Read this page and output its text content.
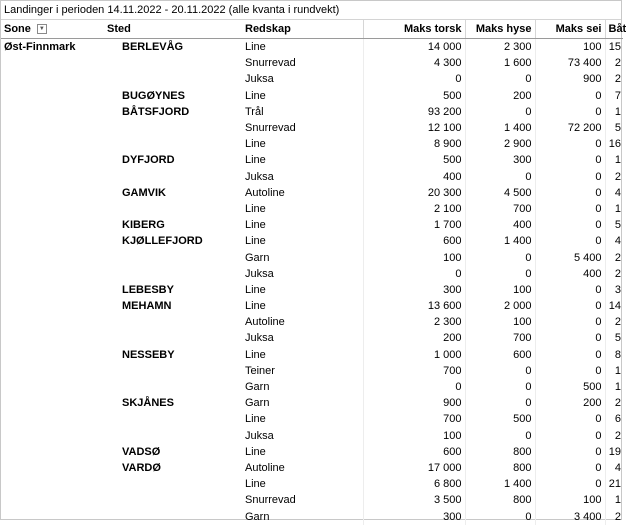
Landinger i perioden 14.11.2022 - 20.11.2022 (alle kvanta i rundvekt)
Sone ▼	Sted	Redskap	Maks torsk	Maks hyse	Maks sei	Båt
Øst-Finnmark	BERLEVÅG	Line	14 000	2 300	100	15
		Snurrevad	4 300	1 600	73 400	2
		Juksa	0	0	900	2
	BUGØYNES	Line	500	200	0	7
	BÅTSFJORD	Trål	93 200	0	0	1
		Snurrevad	12 100	1 400	72 200	5
		Line	8 900	2 900	0	16
	DYFJORD	Line	500	300	0	1
		Juksa	400	0	0	2
	GAMVIK	Autoline	20 300	4 500	0	4
		Line	2 100	700	0	1
	KIBERG	Line	1 700	400	0	5
	KJØLLEFJORD	Line	600	1 400	0	4
		Garn	100	0	5 400	2
		Juksa	0	0	400	2
	LEBESBY	Line	300	100	0	3
	MEHAMN	Line	13 600	2 000	0	14
		Autoline	2 300	100	0	2
		Juksa	200	700	0	5
	NESSEBY	Line	1 000	600	0	8
		Teiner	700	0	0	1
		Garn	0	0	500	1
	SKJÅNES	Garn	900	0	200	2
		Line	700	500	0	6
		Juksa	100	0	0	2
	VADSØ	Line	600	800	0	19
	VARDØ	Autoline	17 000	800	0	4
		Line	6 800	1 400	0	21
		Snurrevad	3 500	800	100	1
		Garn	300	0	3 400	2
